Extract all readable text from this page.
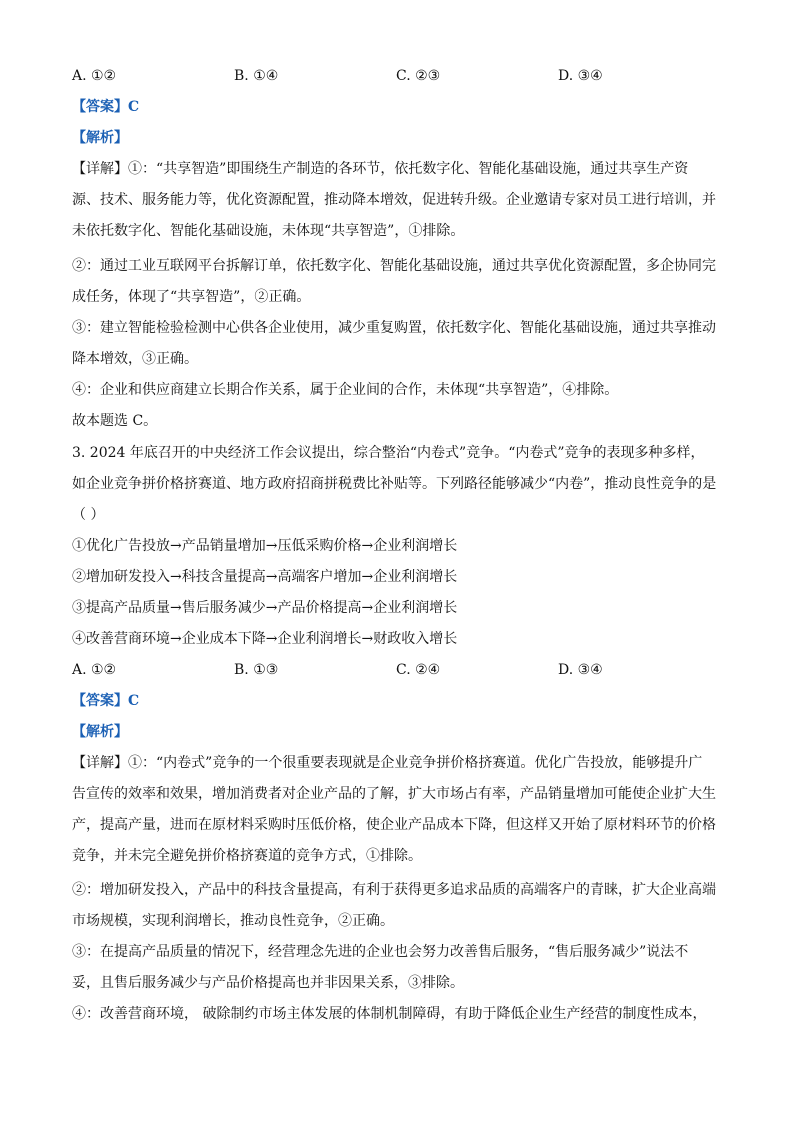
A. ①②	B. ①④	C. ②③	D. ③④
【答案】C
【解析】
【详解】①：“共享智造”即围绕生产制造的各环节，依托数字化、智能化基础设施，通过共享生产资
源、技术、服务能力等，优化资源配置，推动降本增效，促进转升级。企业邀请专家对员工进行培训，并
未依托数字化、智能化基础设施，未体现“共享智造”，①排除。
②：通过工业互联网平台拆解订单，依托数字化、智能化基础设施，通过共享优化资源配置，多企协同完
成任务，体现了“共享智造”，②正确。
③：建立智能检验检测中心供各企业使用，减少重复购置，依托数字化、智能化基础设施，通过共享推动
降本增效，③正确。
④：企业和供应商建立长期合作关系，属于企业间的合作，未体现“共享智造”，④排除。
故本题选 C。
3. 2024 年底召开的中央经济工作会议提出，综合整治“内卷式”竞争。“内卷式”竞争的表现多种多样，
如企业竞争拼价格挤赛道、地方政府招商拼税费比补贴等。下列路径能够减少“内卷”，推动良性竞争的是
（ ）
①优化广告投放→产品销量增加→压低采购价格→企业利润增长
②增加研发投入→科技含量提高→高端客户增加→企业利润增长
③提高产品质量→售后服务减少→产品价格提高→企业利润增长
④改善营商环境→企业成本下降→企业利润增长→财政收入增长
A. ①②	B. ①③	C. ②④	D. ③④
【答案】C
【解析】
【详解】①：“内卷式”竞争的一个很重要表现就是企业竞争拼价格挤赛道。优化广告投放，能够提升广
告宣传的效率和效果，增加消费者对企业产品的了解，扩大市场占有率，产品销量增加可能使企业扩大生
产，提高产量，进而在原材料采购时压低价格，使企业产品成本下降，但这样又开始了原材料环节的价格
竞争，并未完全避免拼价格挤赛道的竞争方式，①排除。
②：增加研发投入，产品中的科技含量提高，有利于获得更多追求品质的高端客户的青睐，扩大企业高端
市场规模，实现利润增长，推动良性竞争，②正确。
③：在提高产品质量的情况下，经营理念先进的企业也会努力改善售后服务，“售后服务减少”说法不
妥，且售后服务减少与产品价格提高也并非因果关系，③排除。
④：改善营商环境， 破除制约市场主体发展的体制机制障碍，有助于降低企业生产经营的制度性成本，
